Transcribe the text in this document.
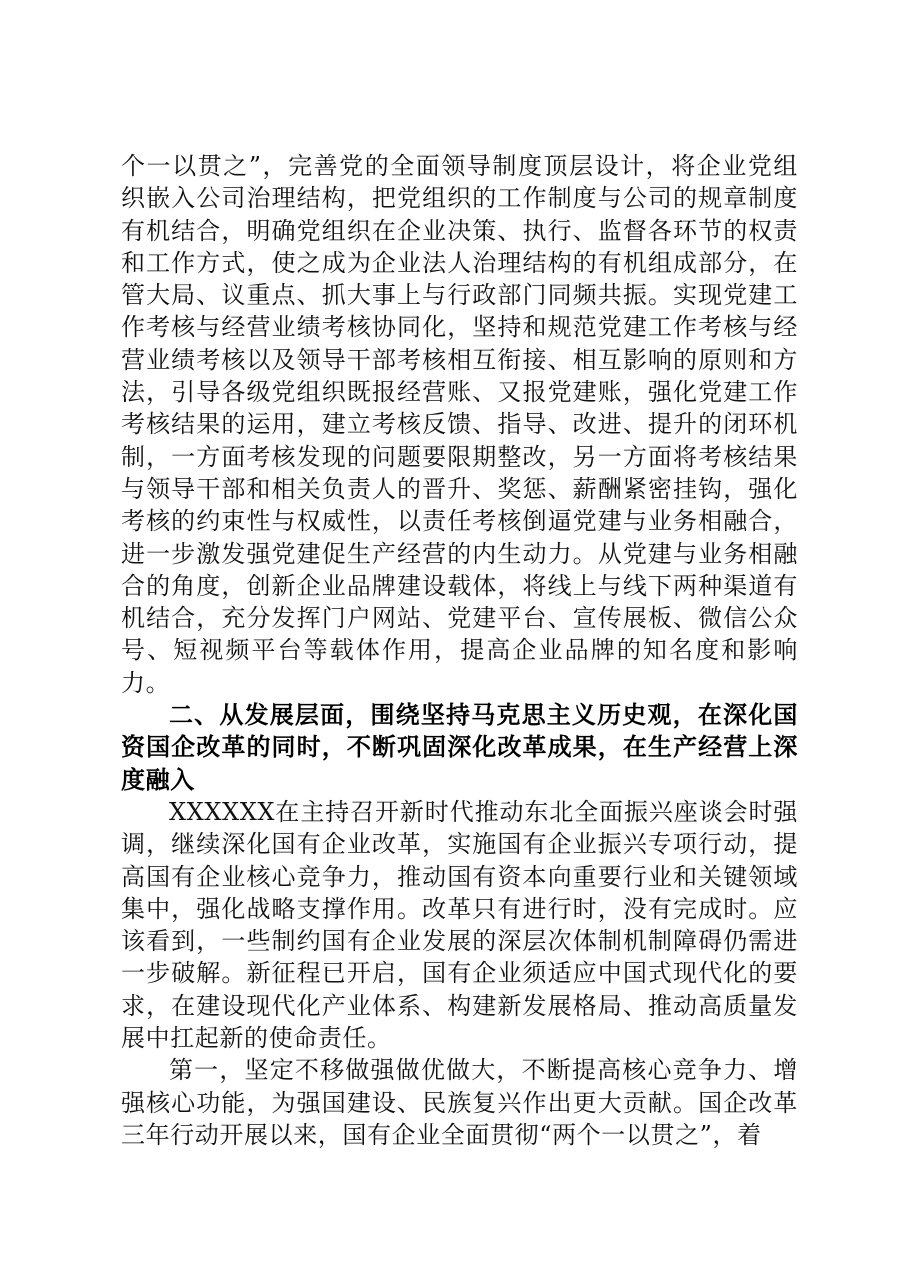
个一以贯之”，完善党的全面领导制度顶层设计，将企业党组织嵌入公司治理结构，把党组织的工作制度与公司的规章制度有机结合，明确党组织在企业决策、执行、监督各环节的权责和工作方式，使之成为企业法人治理结构的有机组成部分，在管大局、议重点、抓大事上与行政部门同频共振。实现党建工作考核与经营业绩考核协同化，坚持和规范党建工作考核与经营业绩考核以及领导干部考核相互衔接、相互影响的原则和方法，引导各级党组织既报经营账、又报党建账，强化党建工作考核结果的运用，建立考核反馈、指导、改进、提升的闭环机制，一方面考核发现的问题要限期整改，另一方面将考核结果与领导干部和相关负责人的晋升、奖惩、薪酬紧密挂钩，强化考核的约束性与权威性，以责任考核倒逼党建与业务相融合，进一步激发强党建促生产经营的内生动力。从党建与业务相融合的角度，创新企业品牌建设载体，将线上与线下两种渠道有机结合，充分发挥门户网站、党建平台、宣传展板、微信公众号、短视频平台等载体作用，提高企业品牌的知名度和影响力。

二、从发展层面，围绕坚持马克思主义历史观，在深化国资国企改革的同时，不断巩固深化改革成果，在生产经营上深度融入

XXXXXX在主持召开新时代推动东北全面振兴座谈会时强调，继续深化国有企业改革，实施国有企业振兴专项行动，提高国有企业核心竞争力，推动国有资本向重要行业和关键领域集中，强化战略支撑作用。改革只有进行时，没有完成时。应该看到，一些制约国有企业发展的深层次体制机制障碍仍需进一步破解。新征程已开启，国有企业须适应中国式现代化的要求，在建设现代化产业体系、构建新发展格局、推动高质量发展中扛起新的使命责任。

第一，坚定不移做强做优做大，不断提高核心竞争力、增强核心功能，为强国建设、民族复兴作出更大贡献。国企改革三年行动开展以来，国有企业全面贯彻“两个一以贯之”，着
